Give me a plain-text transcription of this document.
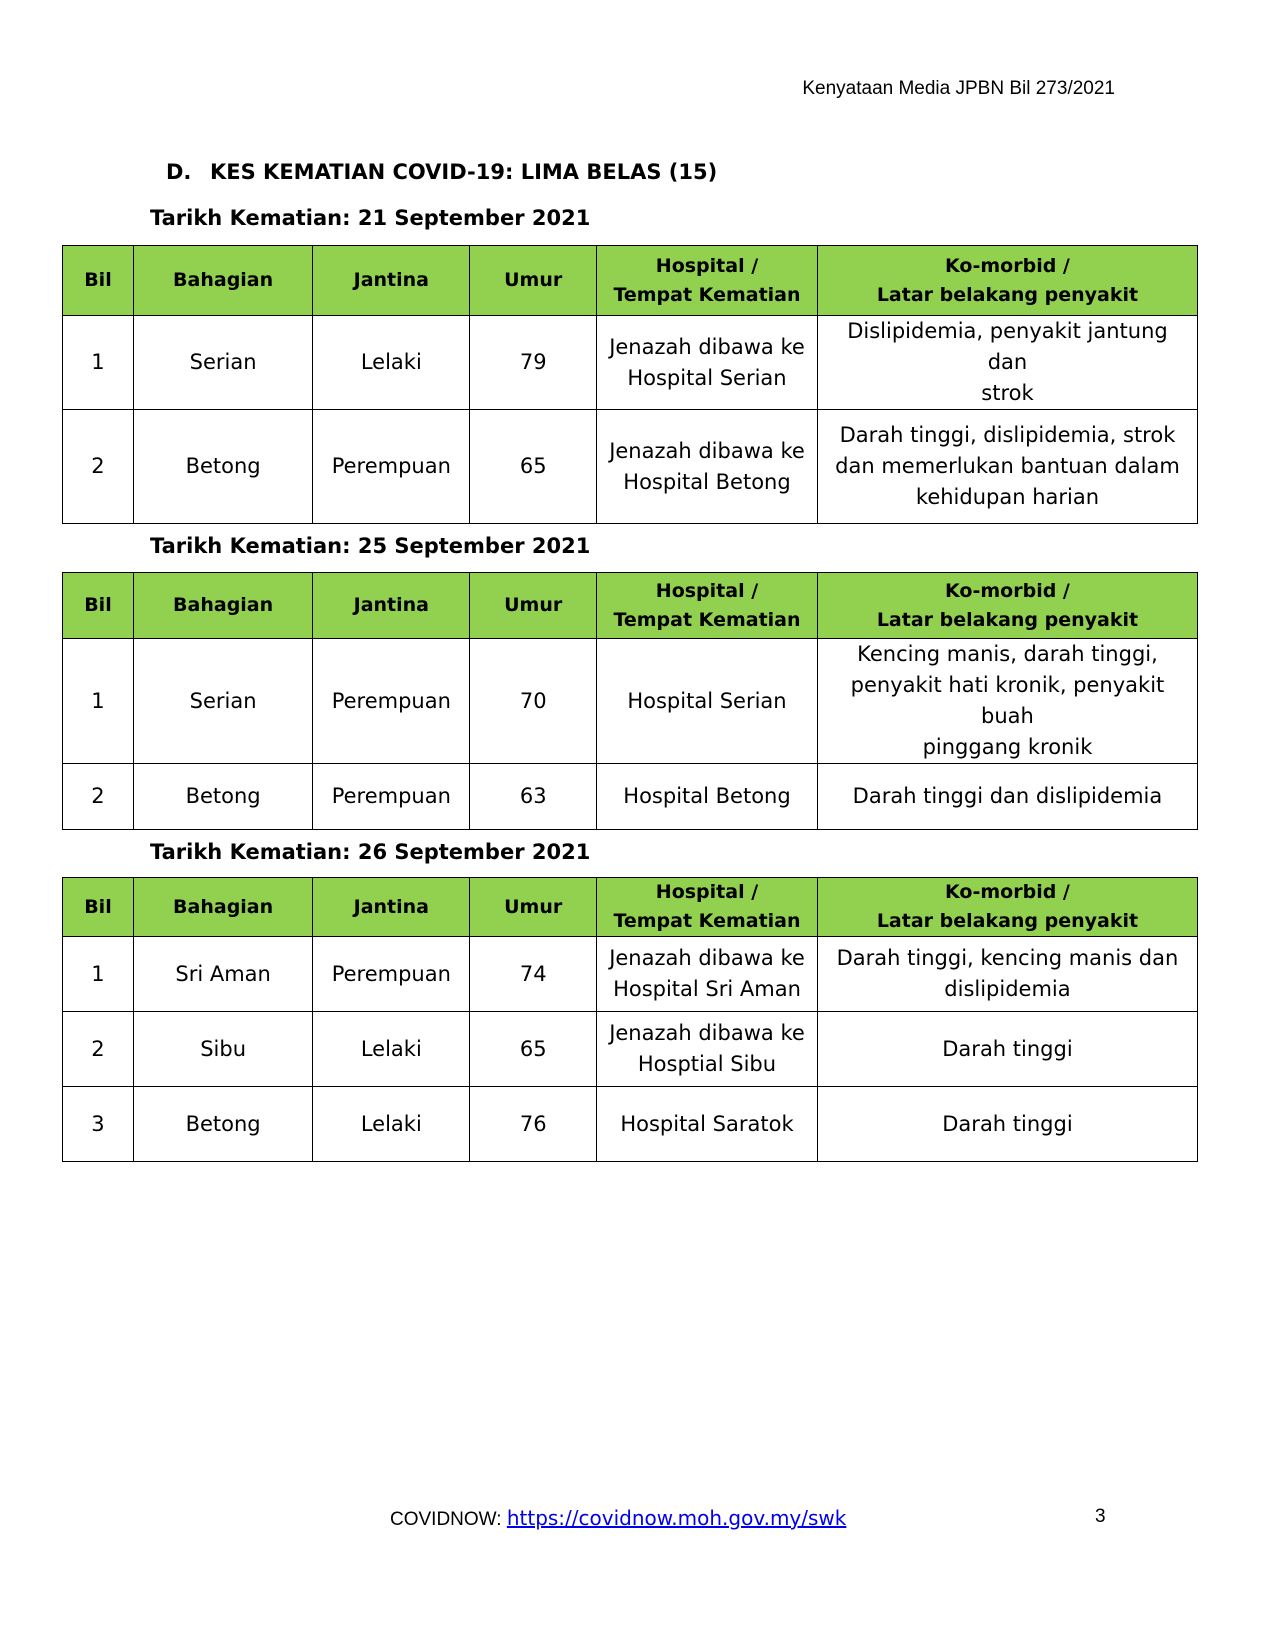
Kenyataan Media JPBN Bil 273/2021
D. KES KEMATIAN COVID-19: LIMA BELAS (15)
Tarikh Kematian: 21 September 2021
Bil	Bahagian	Jantina	Umur	Hospital /
Tempat Kematian	Ko-morbid /
Latar belakang penyakit
1	Serian	Lelaki	79	Jenazah dibawa ke
Hospital Serian	Dislipidemia, penyakit jantung dan
strok
2	Betong	Perempuan	65	Jenazah dibawa ke
Hospital Betong	Darah tinggi, dislipidemia, strok
dan memerlukan bantuan dalam
kehidupan harian
Tarikh Kematian: 25 September 2021
Bil	Bahagian	Jantina	Umur	Hospital /
Tempat Kematian	Ko-morbid /
Latar belakang penyakit
1	Serian	Perempuan	70	Hospital Serian	Kencing manis, darah tinggi,
penyakit hati kronik, penyakit buah
pinggang kronik
2	Betong	Perempuan	63	Hospital Betong	Darah tinggi dan dislipidemia
Tarikh Kematian: 26 September 2021
Bil	Bahagian	Jantina	Umur	Hospital /
Tempat Kematian	Ko-morbid /
Latar belakang penyakit
1	Sri Aman	Perempuan	74	Jenazah dibawa ke
Hospital Sri Aman	Darah tinggi, kencing manis dan
dislipidemia
2	Sibu	Lelaki	65	Jenazah dibawa ke
Hosptial Sibu	Darah tinggi
3	Betong	Lelaki	76	Hospital Saratok	Darah tinggi
COVIDNOW: https://covidnow.moh.gov.my/swk	3
